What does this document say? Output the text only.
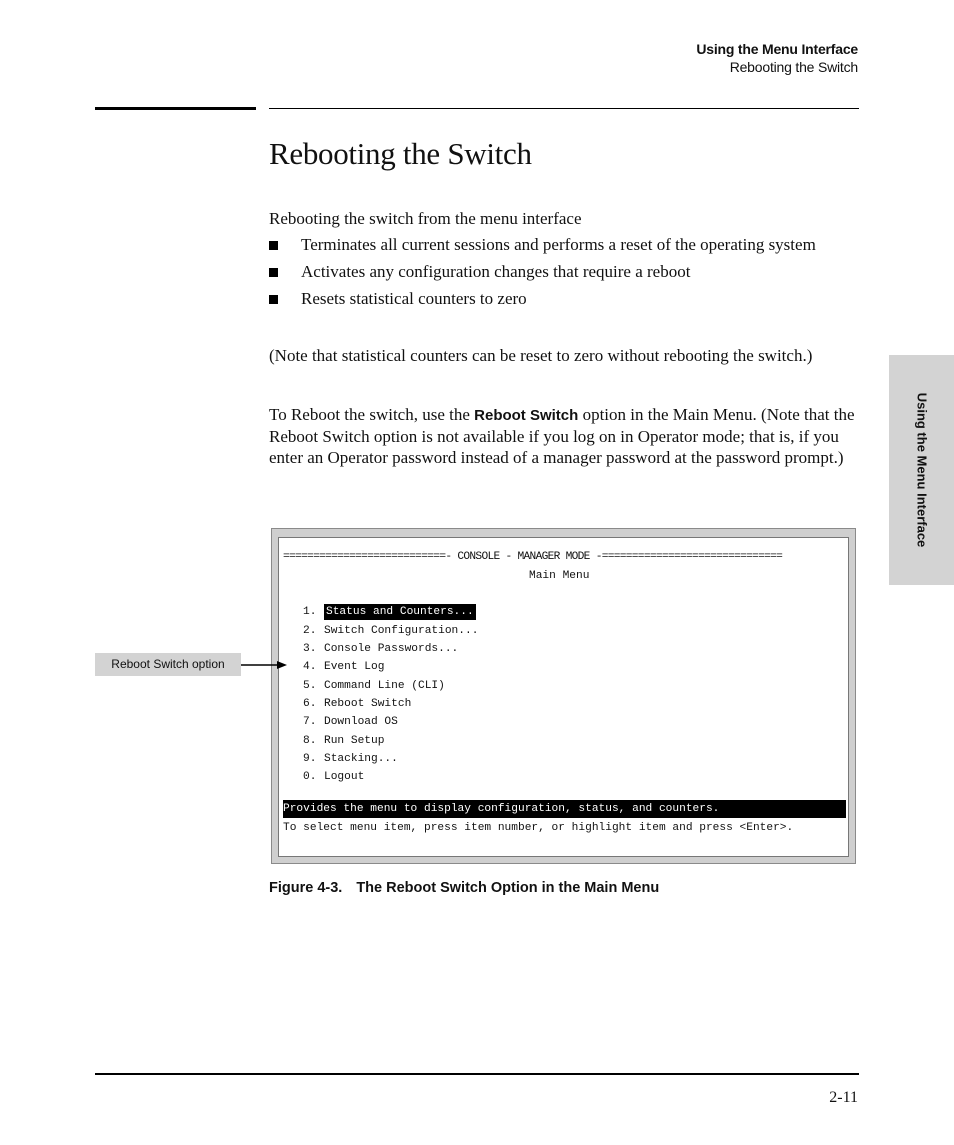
Using the Menu Interface
Rebooting the Switch
Rebooting the Switch

Rebooting the switch from the menu interface

Terminates all current sessions and performs a reset of the operating system
Activates any configuration changes that require a reboot
Resets statistical counters to zero

(Note that statistical counters can be reset to zero without rebooting the switch.)

To Reboot the switch, use the Reboot Switch option in the Main Menu. (Note that the Reboot Switch option is not available if you log on in Operator mode; that is, if you enter an Operator password instead of a manager password at the password prompt.)	Using the Menu Interface
===========================- CONSOLE - MANAGER MODE -==============================
Main Menu
1. Status and Counters...
2. Switch Configuration...
3. Console Passwords...
4. Event Log
5. Command Line (CLI)
6. Reboot Switch
7. Download OS
8. Run Setup
9. Stacking...
0. Logout
Provides the menu to display configuration, status, and counters.
To select menu item, press item number, or highlight item and press <Enter>.
Reboot Switch option
Figure 4-3. The Reboot Switch Option in the Main Menu
2-11
